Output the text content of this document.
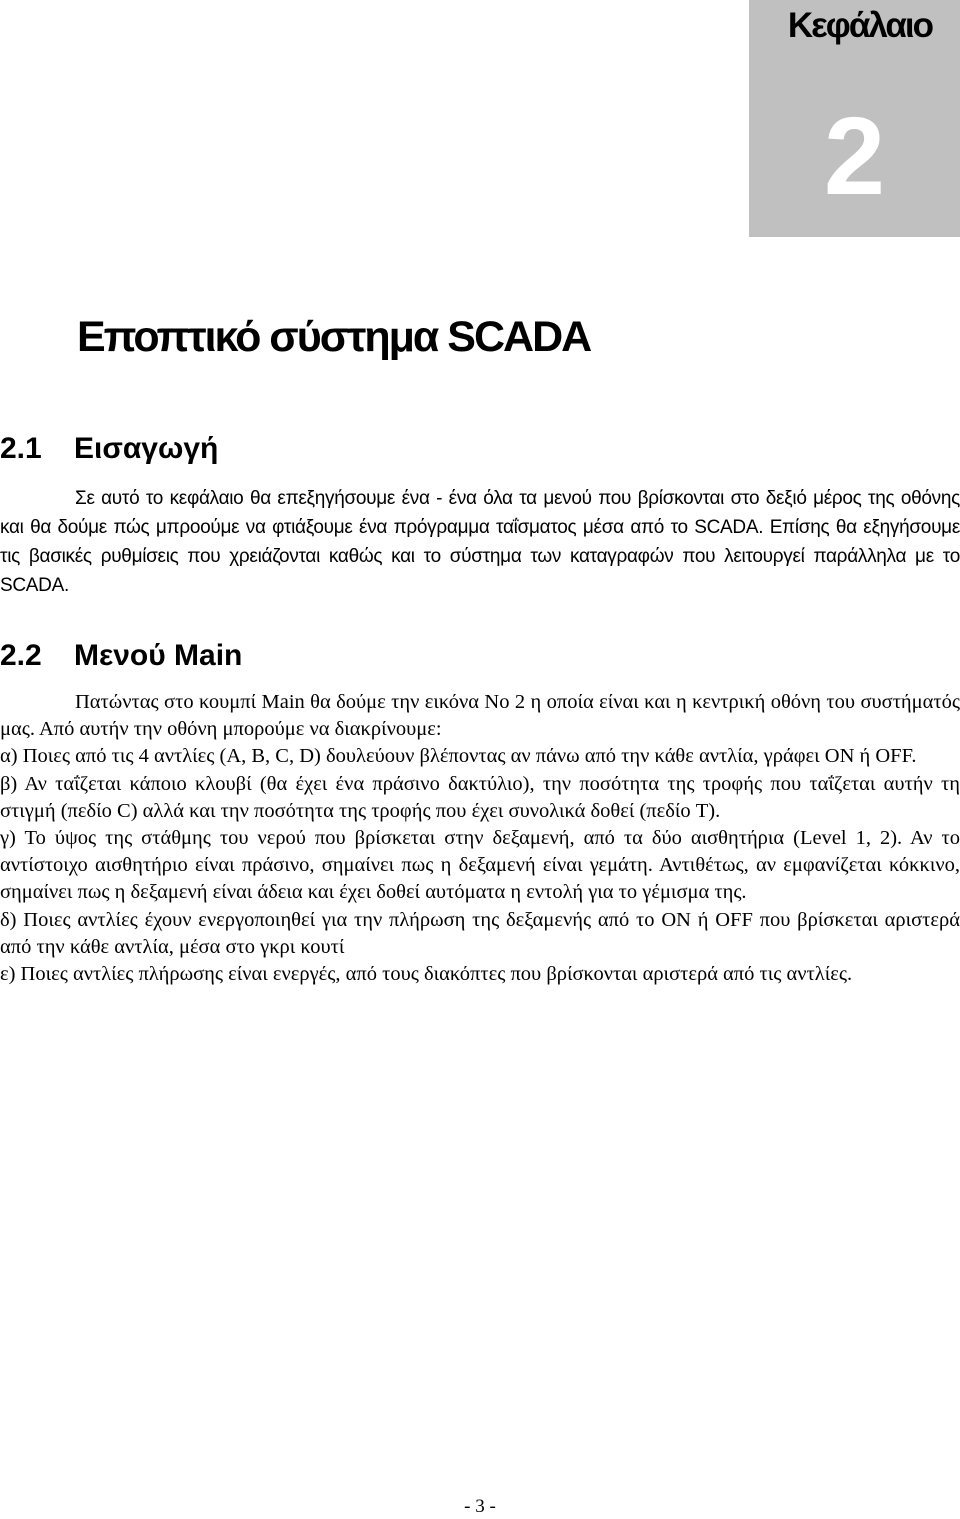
Κεφάλαιο
2
Εποπτικό σύστημα SCADA
2.1 Εισαγωγή

Σε αυτό το κεφάλαιο θα επεξηγήσουμε ένα - ένα όλα τα μενού που βρίσκονται στο δεξιό μέρος της οθόνης και θα δούμε πώς μπροούμε να φτιάξουμε ένα πρόγραμμα ταΐσματος μέσα από το SCADA. Επίσης θα εξηγήσουμε τις βασικές ρυθμίσεις που χρειάζονται καθώς και το σύστημα των καταγραφών που λειτουργεί παράλληλα με το SCADA.

2.2 Μενού Main

Πατώντας στο κουμπί Main θα δούμε την εικόνα Νο 2 η οποία είναι και η κεντρική οθόνη του συστήματός μας. Από αυτήν την οθόνη μπορούμε να διακρίνουμε:

α) Ποιες από τις 4 αντλίες (A, B, C, D) δουλεύουν βλέποντας αν πάνω από την κάθε αντλία, γράφει ON ή OFF.

β) Αν ταΐζεται κάποιο κλουβί (θα έχει ένα πράσινο δακτύλιο), την ποσότητα της τροφής που ταΐζεται αυτήν τη στιγμή (πεδίο C) αλλά και την ποσότητα της τροφής που έχει συνολικά δοθεί (πεδίο T).

γ) Το ύψος της στάθμης του νερού που βρίσκεται στην δεξαμενή, από τα δύο αισθητήρια (Level 1, 2). Αν το αντίστοιχο αισθητήριο είναι πράσινο, σημαίνει πως η δεξαμενή είναι γεμάτη. Αντιθέτως, αν εμφανίζεται κόκκινο, σημαίνει πως η δεξαμενή είναι άδεια και έχει δοθεί αυτόματα η εντολή για το γέμισμα της.

δ) Ποιες αντλίες έχουν ενεργοποιηθεί για την πλήρωση της δεξαμενής από το ON ή OFF που βρίσκεται αριστερά από την κάθε αντλία, μέσα στο γκρι κουτί

ε) Ποιες αντλίες πλήρωσης είναι ενεργές, από τους διακόπτες που βρίσκονται αριστερά από τις αντλίες.

- 3 -
